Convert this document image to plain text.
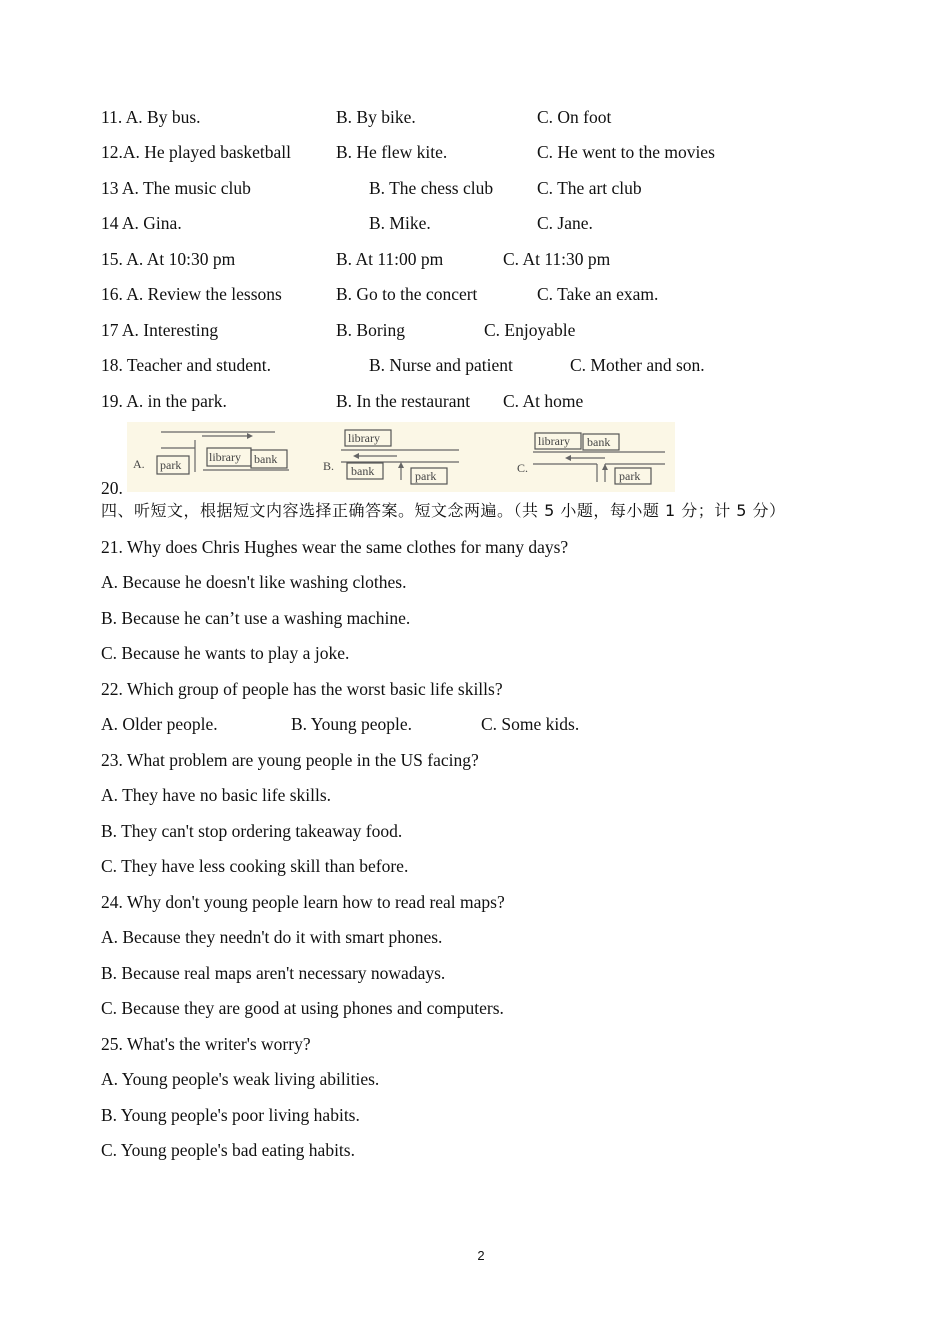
11. A. By bus.	B. By bike.	C. On foot
12.A. He played basketball	B. He flew kite.	C. He went to the movies
13 A. The music club	B. The chess club	C. The art club
14 A. Gina.	B. Mike.	C. Jane.
15. A. At 10:30 pm	B. At 11:00 pm	C. At 11:30 pm
16. A. Review the lessons	B. Go to the concert	C. Take an exam.
17 A. Interesting	B. Boring	C. Enjoyable
18. Teacher and student.	B. Nurse and patient	C. Mother and son.
19. A. in the park.	B. In the restaurant C. At home
A. park
library bank	B.
library
bank	park
C.
library bank
park
20.
四、听短文，根据短文内容选择正确答案。短文念两遍。（共 5 小题，每小题 1 分；计 5 分）
21. Why does Chris Hughes wear the same clothes for many days?
A. Because he doesn't like washing clothes.
B. Because he can’t use a washing machine.
C. Because he wants to play a joke.
22. Which group of people has the worst basic life skills?
A. Older people.	B. Young people.	C. Some kids.
23. What problem are young people in the US facing?
A. They have no basic life skills.
B. They can't stop ordering takeaway food.
C. They have less cooking skill than before.
24. Why don't young people learn how to read real maps?
A. Because they needn't do it with smart phones.
B. Because real maps aren't necessary nowadays.
C. Because they are good at using phones and computers.
25. What's the writer's worry?
A. Young people's weak living abilities.
B. Young people's poor living habits.
C. Young people's bad eating habits.
2
